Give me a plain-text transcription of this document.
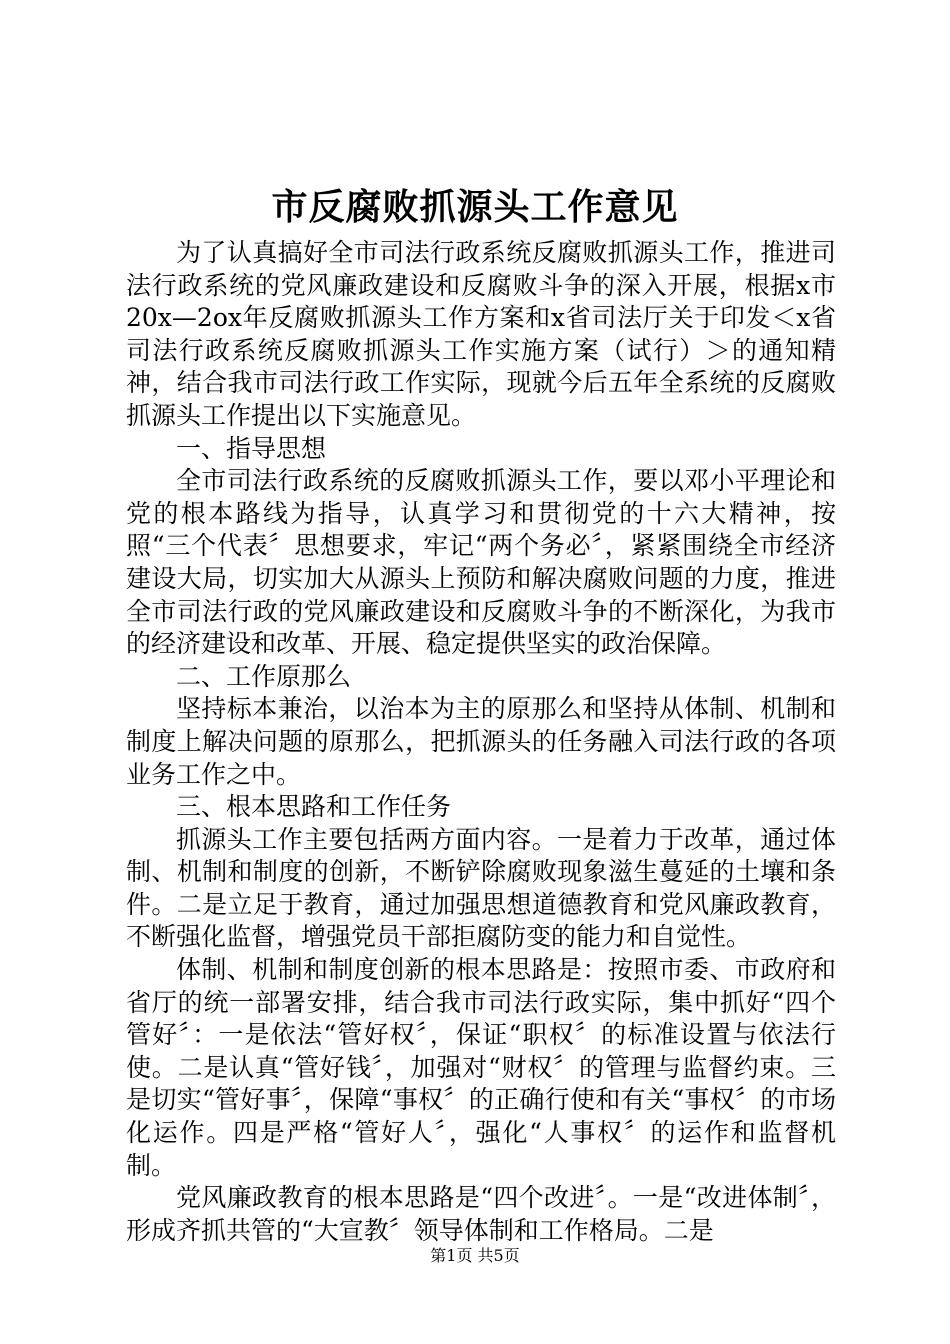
市反腐败抓源头工作意见

为了认真搞好全市司法行政系统反腐败抓源头工作，推进司法行政系统的党风廉政建设和反腐败斗争的深入开展，根据x市20x—2ox年反腐败抓源头工作方案和x省司法厅关于印发＜x省司法行政系统反腐败抓源头工作实施方案（试行）＞的通知精神，结合我市司法行政工作实际，现就今后五年全系统的反腐败抓源头工作提出以下实施意见。

一、指导思想

全市司法行政系统的反腐败抓源头工作，要以邓小平理论和党的根本路线为指导，认真学习和贯彻党的十六大精神，按照“三个代表〞思想要求，牢记“两个务必〞，紧紧围绕全市经济建设大局，切实加大从源头上预防和解决腐败问题的力度，推进全市司法行政的党风廉政建设和反腐败斗争的不断深化，为我市的经济建设和改革、开展、稳定提供坚实的政治保障。

二、工作原那么

坚持标本兼治，以治本为主的原那么和坚持从体制、机制和制度上解决问题的原那么，把抓源头的任务融入司法行政的各项业务工作之中。

三、根本思路和工作任务

抓源头工作主要包括两方面内容。一是着力于改革，通过体制、机制和制度的创新，不断铲除腐败现象滋生蔓延的土壤和条件。二是立足于教育，通过加强思想道德教育和党风廉政教育，不断强化监督，增强党员干部拒腐防变的能力和自觉性。

体制、机制和制度创新的根本思路是：按照市委、市政府和省厅的统一部署安排，结合我市司法行政实际，集中抓好“四个管好〞：一是依法“管好权〞，保证“职权〞的标准设置与依法行使。二是认真“管好钱〞，加强对“财权〞的管理与监督约束。三是切实“管好事〞，保障“事权〞的正确行使和有关“事权〞的市场化运作。四是严格“管好人〞，强化“人事权〞的运作和监督机制。

党风廉政教育的根本思路是“四个改进〞。一是“改进体制〞，形成齐抓共管的“大宣教〞领导体制和工作格局。二是

第1页 共5页
